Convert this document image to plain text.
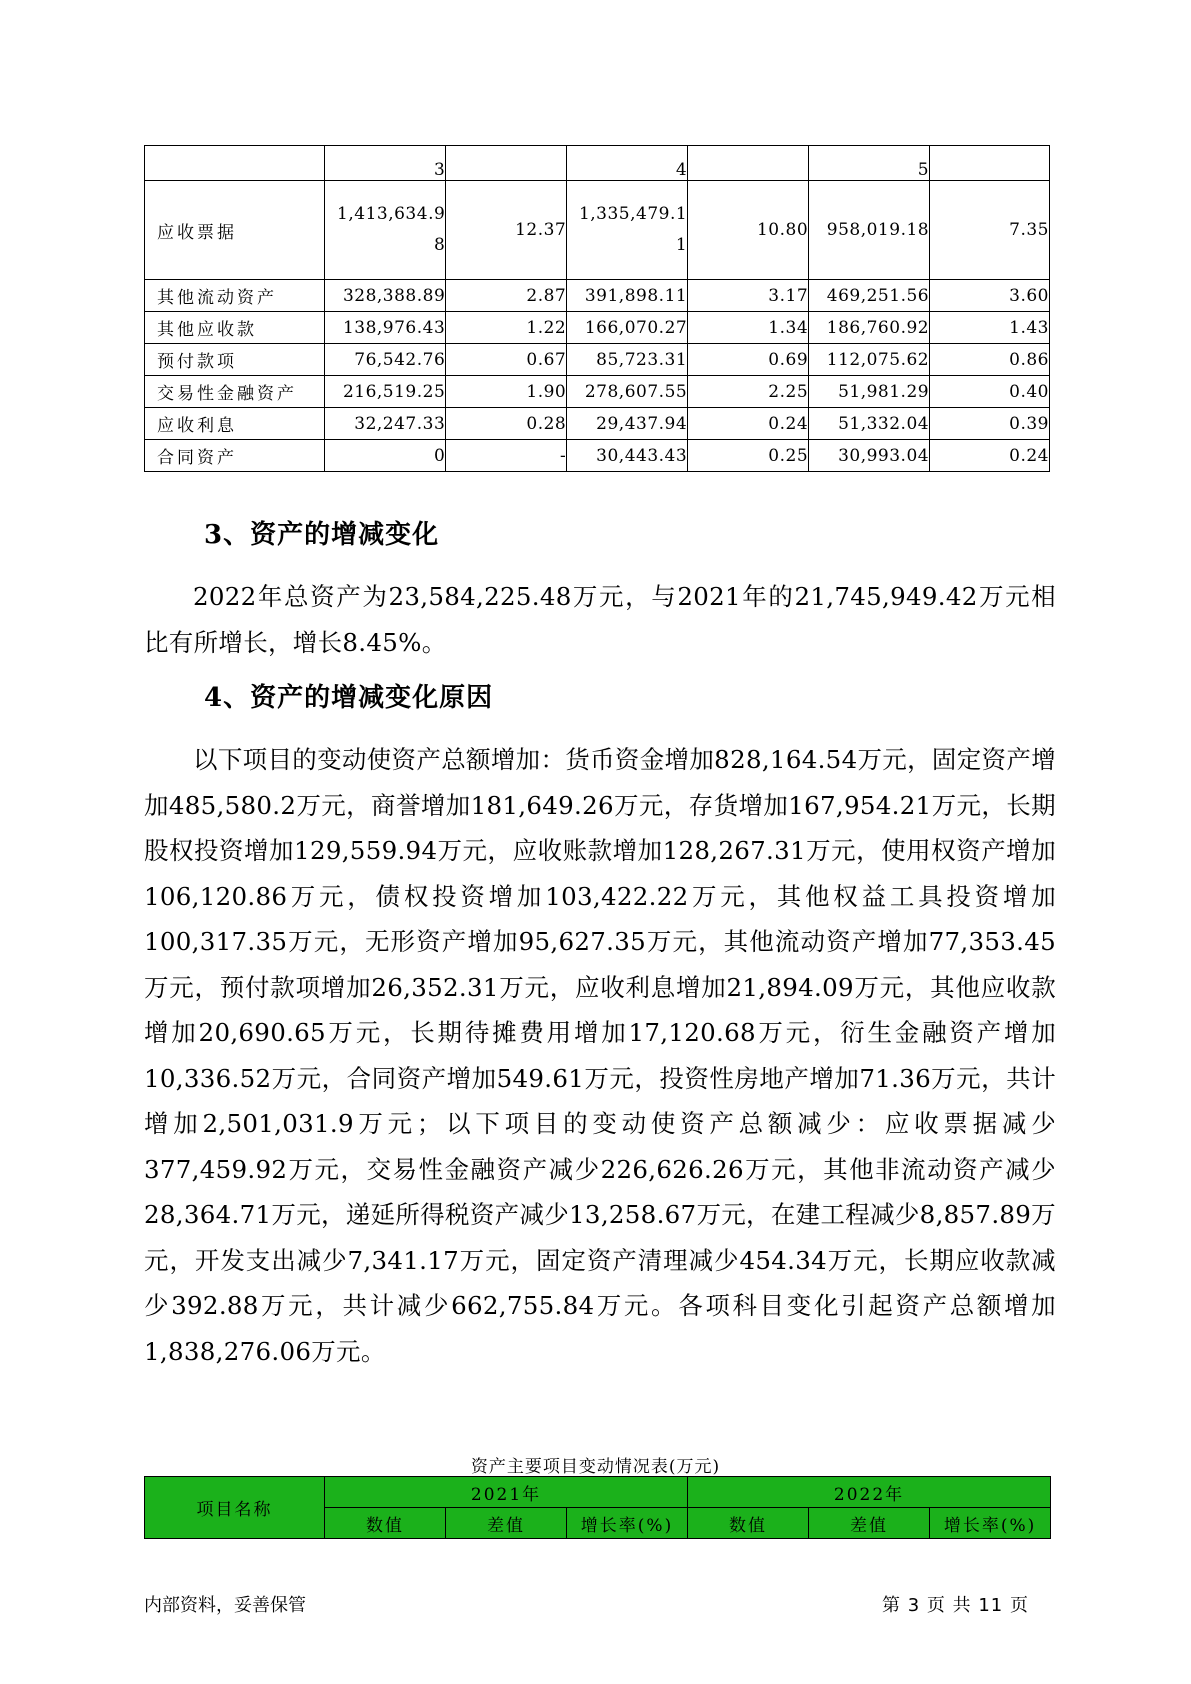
	3		4		5	
应收票据	1,413,634.98	12.37	1,335,479.11	10.80	958,019.18	7.35
其他流动资产	328,388.89	2.87	391,898.11	3.17	469,251.56	3.60
其他应收款	138,976.43	1.22	166,070.27	1.34	186,760.92	1.43
预付款项	76,542.76	0.67	85,723.31	0.69	112,075.62	0.86
交易性金融资产	216,519.25	1.90	278,607.55	2.25	51,981.29	0.40
应收利息	32,247.33	0.28	29,437.94	0.24	51,332.04	0.39
合同资产	0	-	30,443.43	0.25	30,993.04	0.24
3、资产的增减变化

2022年总资产为23,584,225.48万元，与2021年的21,745,949.42万元相比有所增长，增长8.45%。

4、资产的增减变化原因

以下项目的变动使资产总额增加：货币资金增加828,164.54万元，固定资产增加485,580.2万元，商誉增加181,649.26万元，存货增加167,954.21万元，长期股权投资增加129,559.94万元，应收账款增加128,267.31万元，使用权资产增加106,120.86万元，债权投资增加103,422.22万元，其他权益工具投资增加100,317.35万元，无形资产增加95,627.35万元，其他流动资产增加77,353.45万元，预付款项增加26,352.31万元，应收利息增加21,894.09万元，其他应收款增加20,690.65万元，长期待摊费用增加17,120.68万元，衍生金融资产增加10,336.52万元，合同资产增加549.61万元，投资性房地产增加71.36万元，共计增加2,501,031.9万元；以下项目的变动使资产总额减少：应收票据减少377,459.92万元，交易性金融资产减少226,626.26万元，其他非流动资产减少28,364.71万元，递延所得税资产减少13,258.67万元，在建工程减少8,857.89万元，开发支出减少7,341.17万元，固定资产清理减少454.34万元，长期应收款减少392.88万元，共计减少662,755.84万元。各项科目变化引起资产总额增加1,838,276.06万元。

资产主要项目变动情况表(万元)
项目名称	2021年			2022年		
	数值	差值	增长率(%)	数值	差值	增长率(%)
内部资料，妥善保管	第 3 页 共 11 页
